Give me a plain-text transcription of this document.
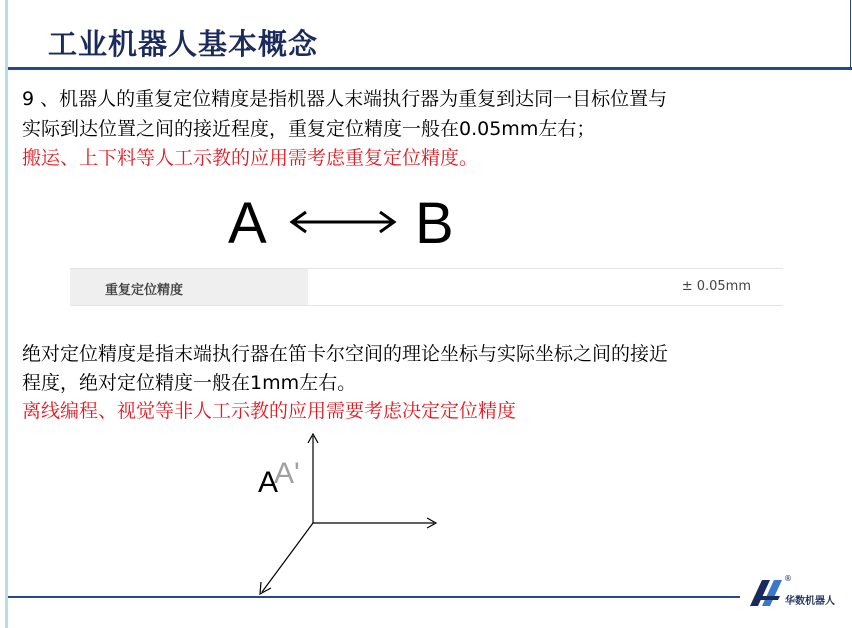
工业机器人基本概念
9 、机器人的重复定位精度是指机器人末端执行器为重复到达同一目标位置与
实际到达位置之间的接近程度，重复定位精度一般在0.05mm左右；
搬运、上下料等人工示教的应用需考虑重复定位精度。
A	B
重复定位精度	± 0.05mm
绝对定位精度是指末端执行器在笛卡尔空间的理论坐标与实际坐标之间的接近
程度，绝对定位精度一般在1mm左右。
离线编程、视觉等非人工示教的应用需要考虑决定定位精度
A'
A
®
华数机器人
